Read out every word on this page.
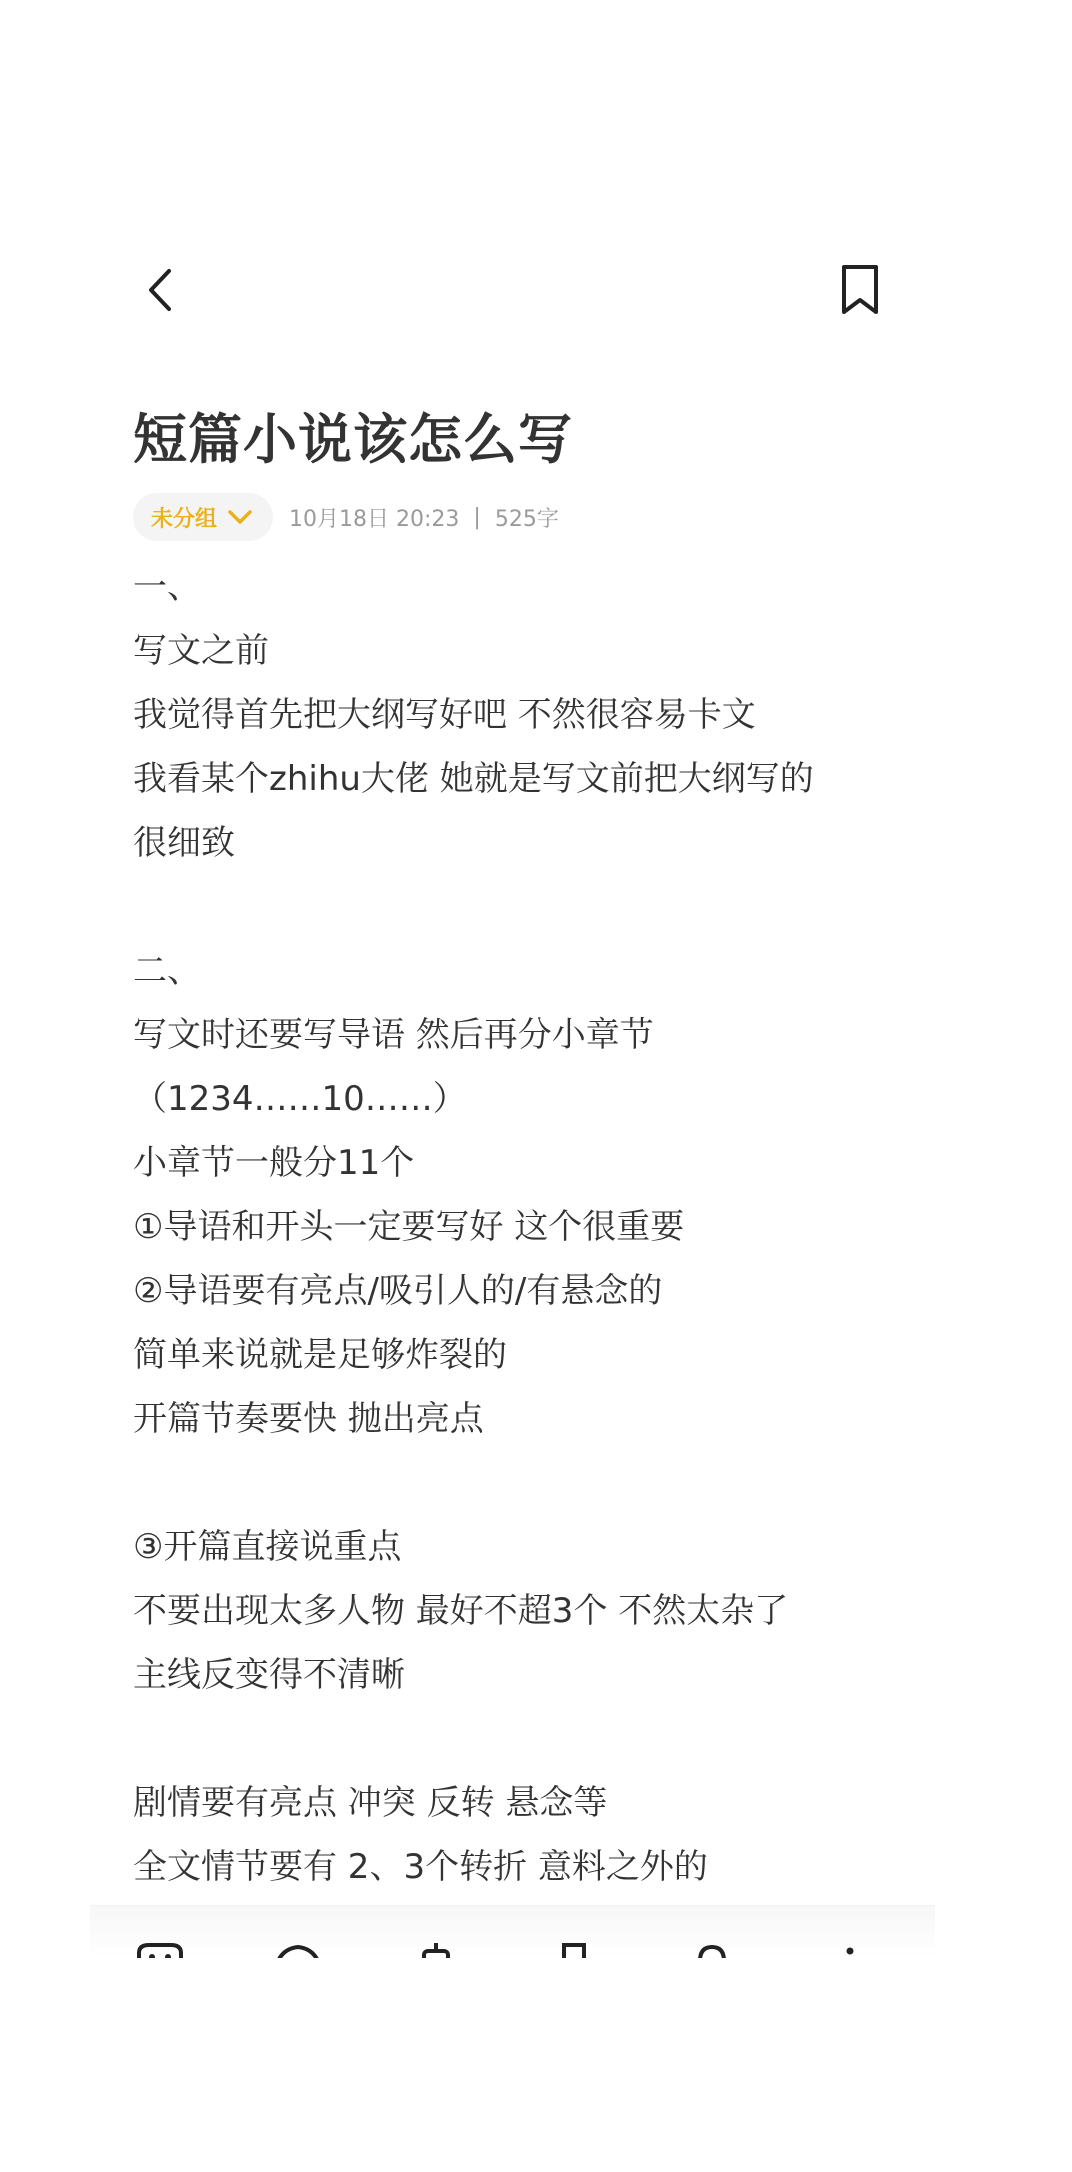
短篇小说该怎么写
未分组	10月18日 20:23 | 525字
一、
写文之前
我觉得首先把大纲写好吧 不然很容易卡文
我看某个zhihu大佬 她就是写文前把大纲写的
很细致
二、
写文时还要写导语 然后再分小章节
（1234……10……）
小章节一般分11个
①导语和开头一定要写好 这个很重要
②导语要有亮点/吸引人的/有悬念的
简单来说就是足够炸裂的
开篇节奏要快 抛出亮点
③开篇直接说重点
不要出现太多人物 最好不超3个 不然太杂了
主线反变得不清晰
剧情要有亮点 冲突 反转 悬念等
全文情节要有 2、3个转折 意料之外的
